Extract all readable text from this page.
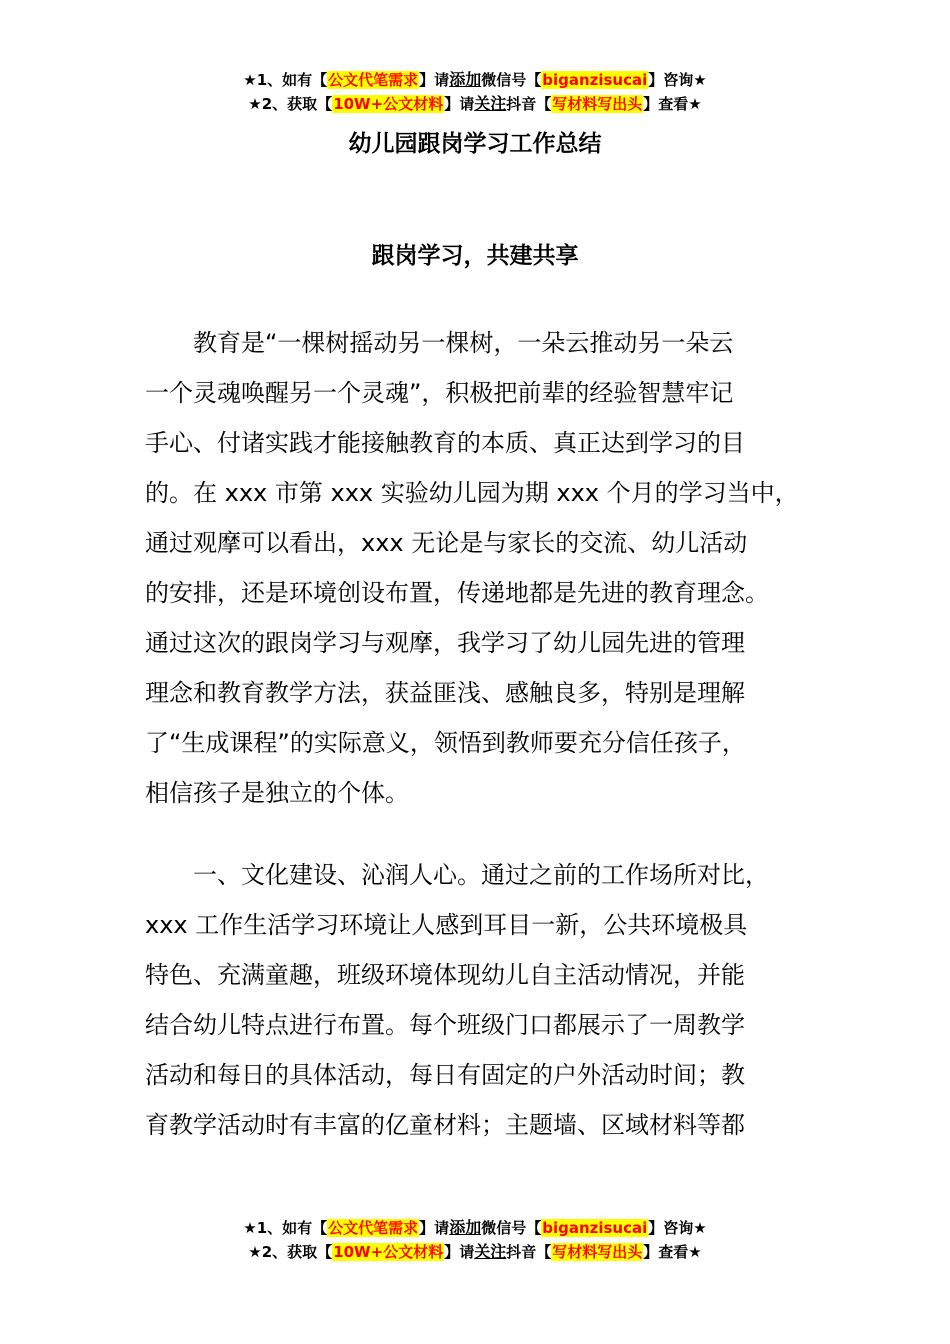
★1、如有【公文代笔需求】请添加微信号【biganzisucai】咨询★
★2、获取【10W+公文材料】请关注抖音【写材料写出头】查看★
幼儿园跟岗学习工作总结
跟岗学习，共建共享

　　教育是“一棵树摇动另一棵树，一朵云推动另一朵云
一个灵魂唤醒另一个灵魂”，积极把前辈的经验智慧牢记
手心、付诸实践才能接触教育的本质、真正达到学习的目
的。在 xxx 市第 xxx 实验幼儿园为期 xxx 个月的学习当中，
通过观摩可以看出，xxx 无论是与家长的交流、幼儿活动
的安排，还是环境创设布置，传递地都是先进的教育理念。
通过这次的跟岗学习与观摩，我学习了幼儿园先进的管理
理念和教育教学方法，获益匪浅、感触良多，特别是理解
了“生成课程”的实际意义，领悟到教师要充分信任孩子，
相信孩子是独立的个体。

　　一、文化建设、沁润人心。通过之前的工作场所对比，
xxx 工作生活学习环境让人感到耳目一新，公共环境极具
特色、充满童趣，班级环境体现幼儿自主活动情况，并能
结合幼儿特点进行布置。每个班级门口都展示了一周教学
活动和每日的具体活动，每日有固定的户外活动时间；教
育教学活动时有丰富的亿童材料；主题墙、区域材料等都

★1、如有【公文代笔需求】请添加微信号【biganzisucai】咨询★
★2、获取【10W+公文材料】请关注抖音【写材料写出头】查看★
